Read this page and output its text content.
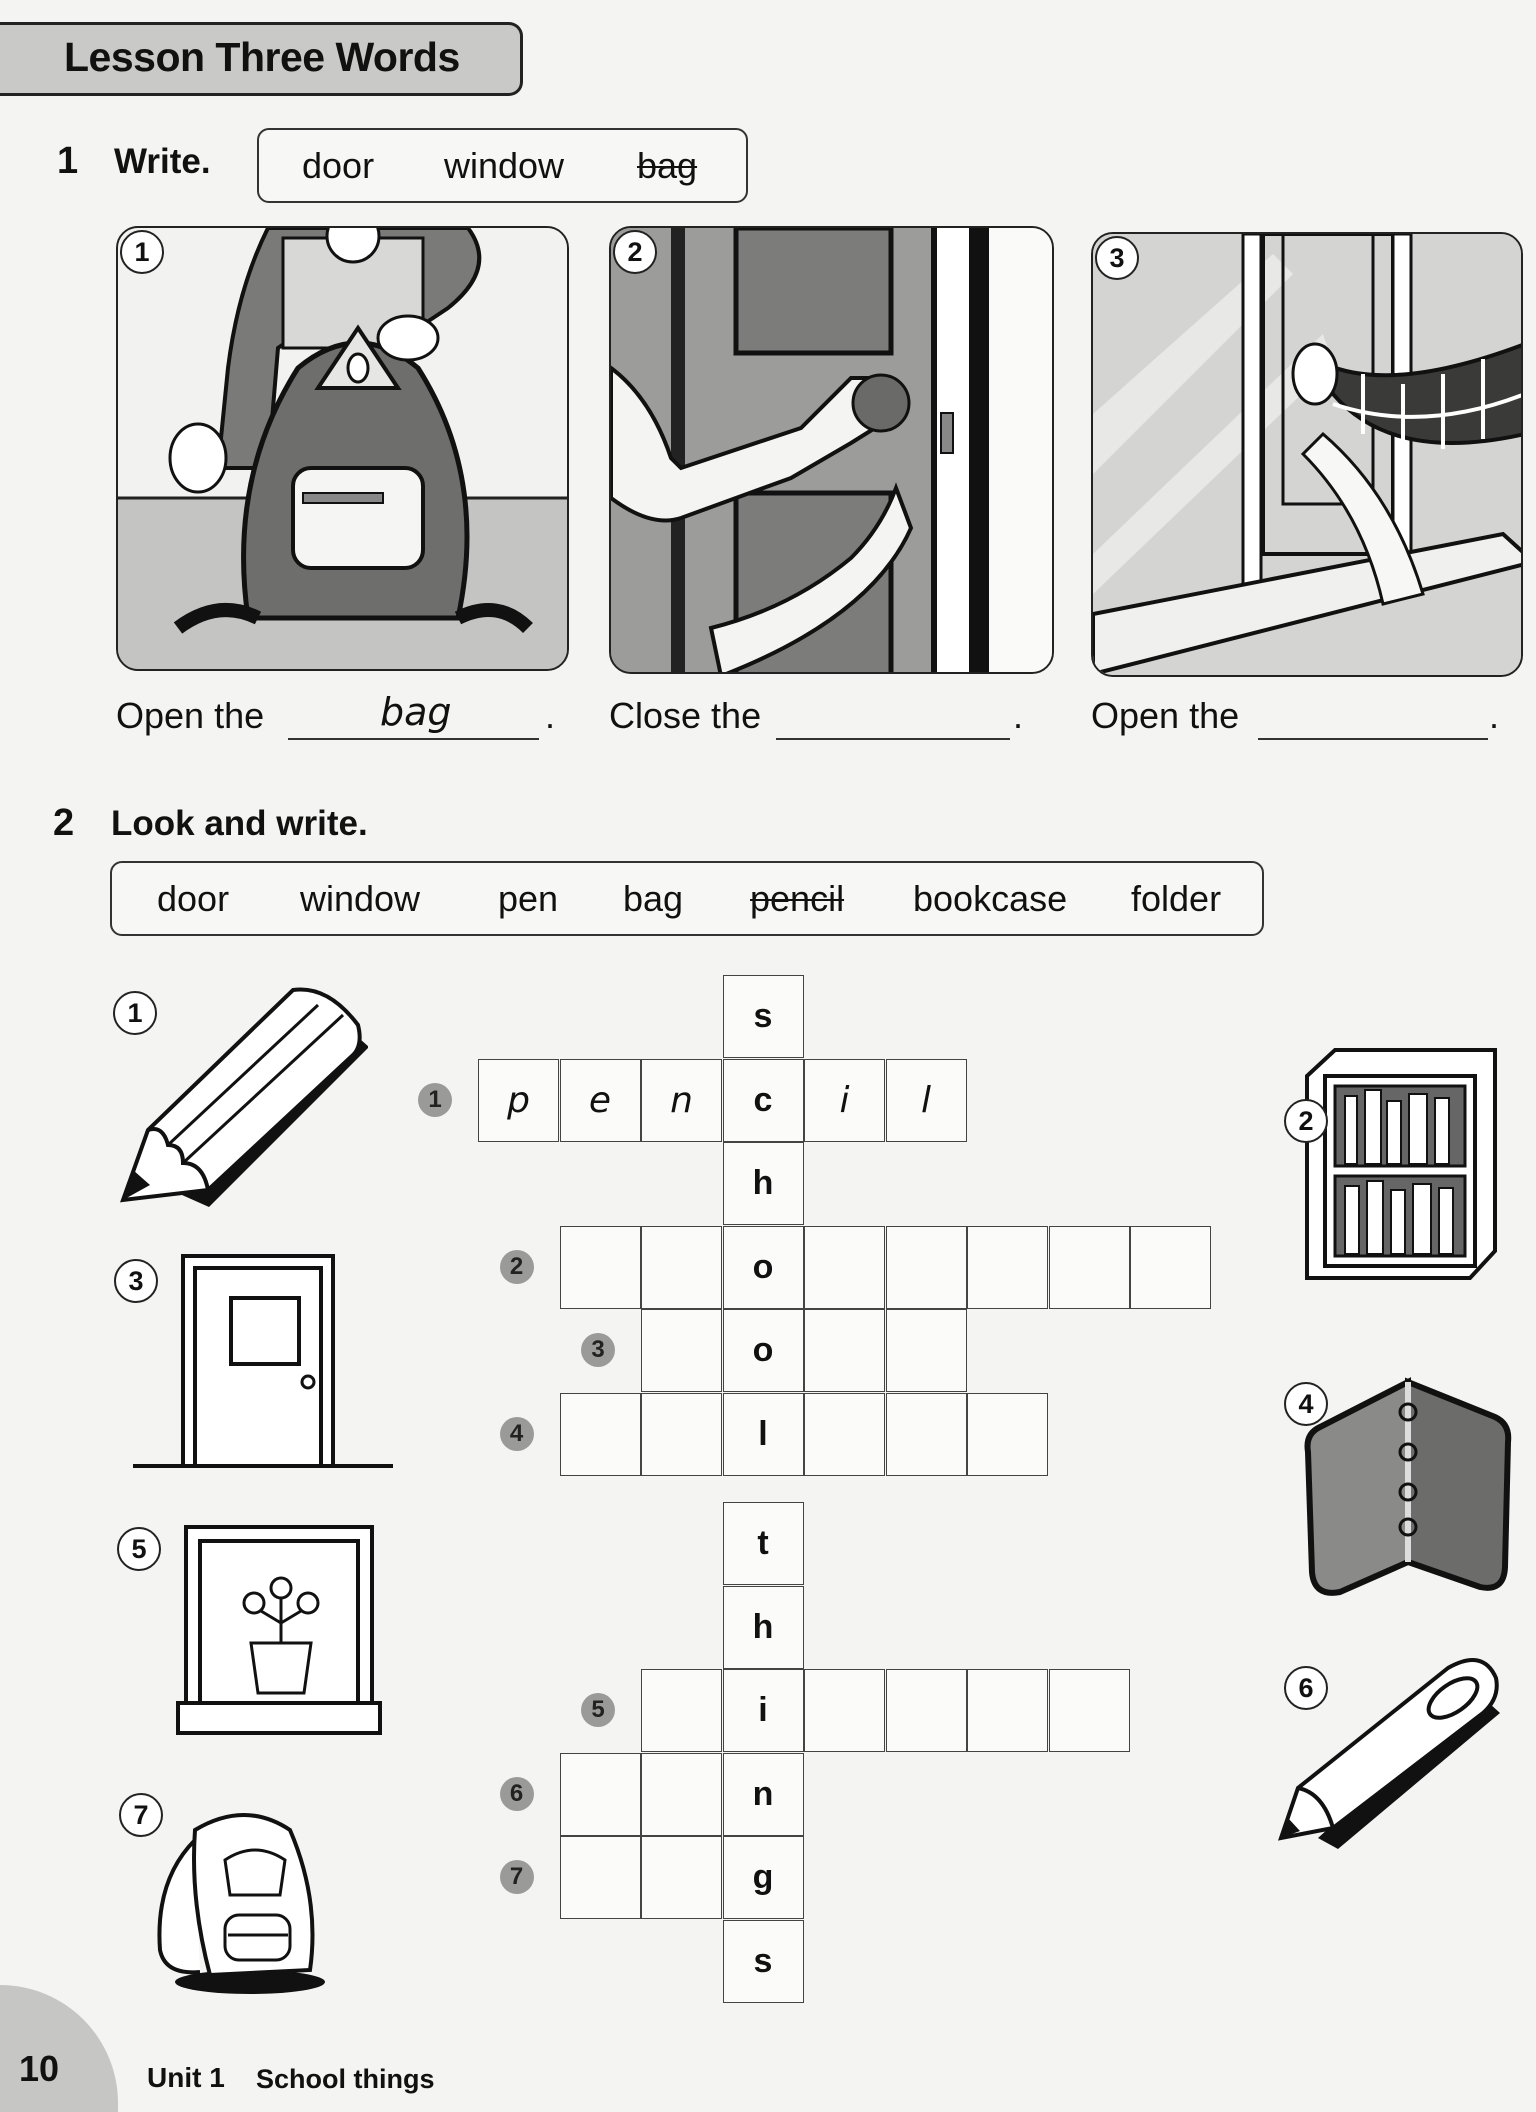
Lesson Three Words
1 Write.	door window bag
1	2	3
Open the	bag	. Close the	. Open the	.
2 Look and write.
door window pen bag pencil bookcase folder
1
3
5
7
2
4
6
s
1	p	e	n	c	i	l
h
2	o
3	o
4	l
t
h
5	i
6	n
7	g
s
10	Unit 1 School things
